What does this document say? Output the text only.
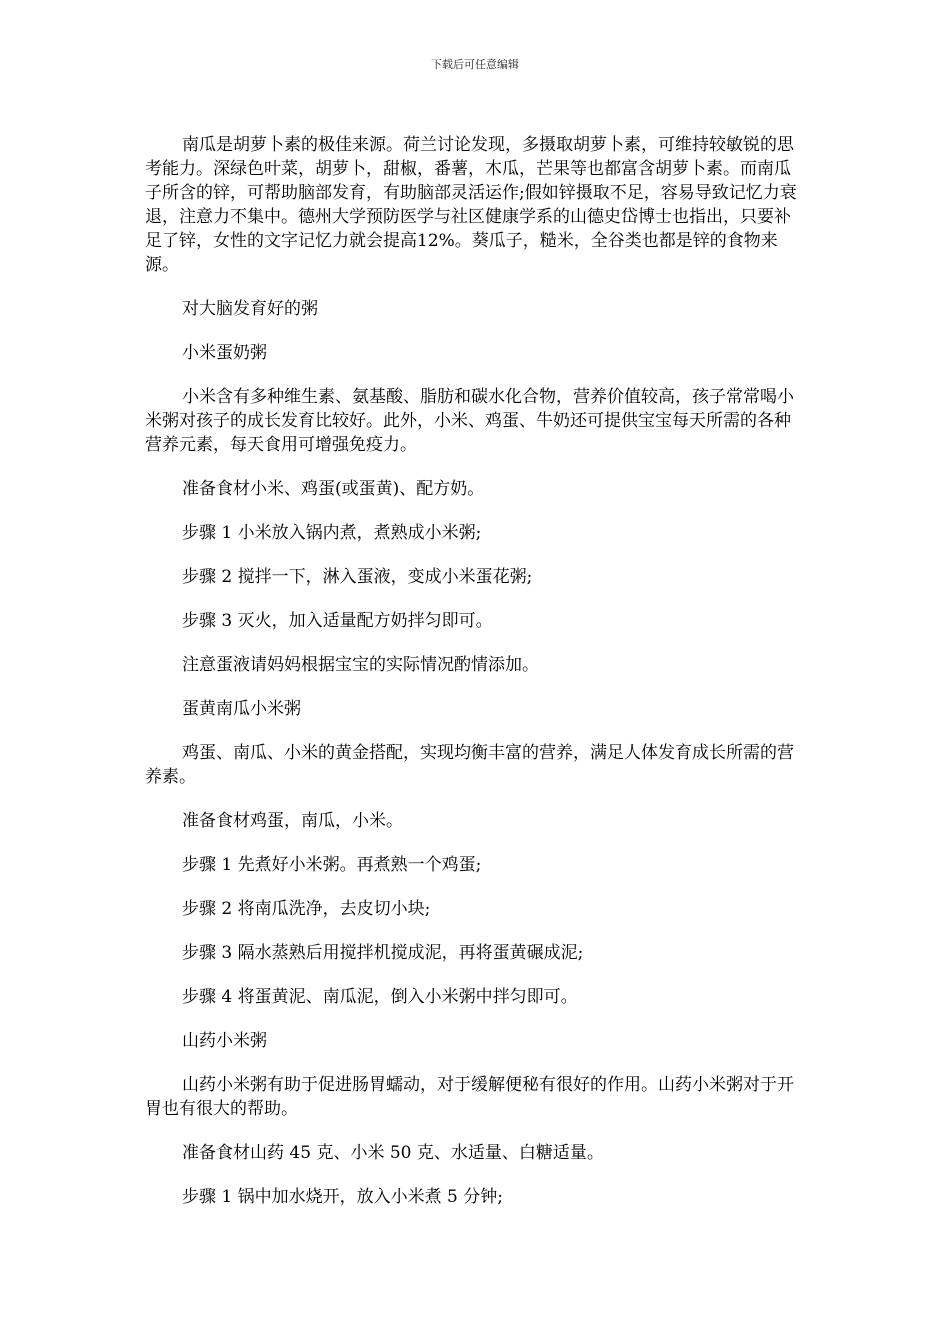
下载后可任意编辑

南瓜是胡萝卜素的极佳来源。荷兰讨论发现，多摄取胡萝卜素，可维持较敏锐的思考能力。深绿色叶菜，胡萝卜，甜椒，番薯，木瓜，芒果等也都富含胡萝卜素。而南瓜子所含的锌，可帮助脑部发育，有助脑部灵活运作;假如锌摄取不足，容易导致记忆力衰退，注意力不集中。德州大学预防医学与社区健康学系的山德史岱博士也指出，只要补足了锌，女性的文字记忆力就会提高12%。葵瓜子，糙米，全谷类也都是锌的食物来源。

对大脑发育好的粥

小米蛋奶粥

小米含有多种维生素、氨基酸、脂肪和碳水化合物，营养价值较高，孩子常常喝小米粥对孩子的成长发育比较好。此外，小米、鸡蛋、牛奶还可提供宝宝每天所需的各种营养元素，每天食用可增强免疫力。

准备食材小米、鸡蛋(或蛋黄)、配方奶。

步骤 1 小米放入锅内煮，煮熟成小米粥;

步骤 2 搅拌一下，淋入蛋液，变成小米蛋花粥;

步骤 3 灭火，加入适量配方奶拌匀即可。

注意蛋液请妈妈根据宝宝的实际情况酌情添加。

蛋黄南瓜小米粥

鸡蛋、南瓜、小米的黄金搭配，实现均衡丰富的营养，满足人体发育成长所需的营养素。

准备食材鸡蛋，南瓜，小米。

步骤 1 先煮好小米粥。再煮熟一个鸡蛋;

步骤 2 将南瓜洗净，去皮切小块;

步骤 3 隔水蒸熟后用搅拌机搅成泥，再将蛋黄碾成泥;

步骤 4 将蛋黄泥、南瓜泥，倒入小米粥中拌匀即可。

山药小米粥

山药小米粥有助于促进肠胃蠕动，对于缓解便秘有很好的作用。山药小米粥对于开胃也有很大的帮助。

准备食材山药 45 克、小米 50 克、水适量、白糖适量。

步骤 1 锅中加水烧开，放入小米煮 5 分钟;
